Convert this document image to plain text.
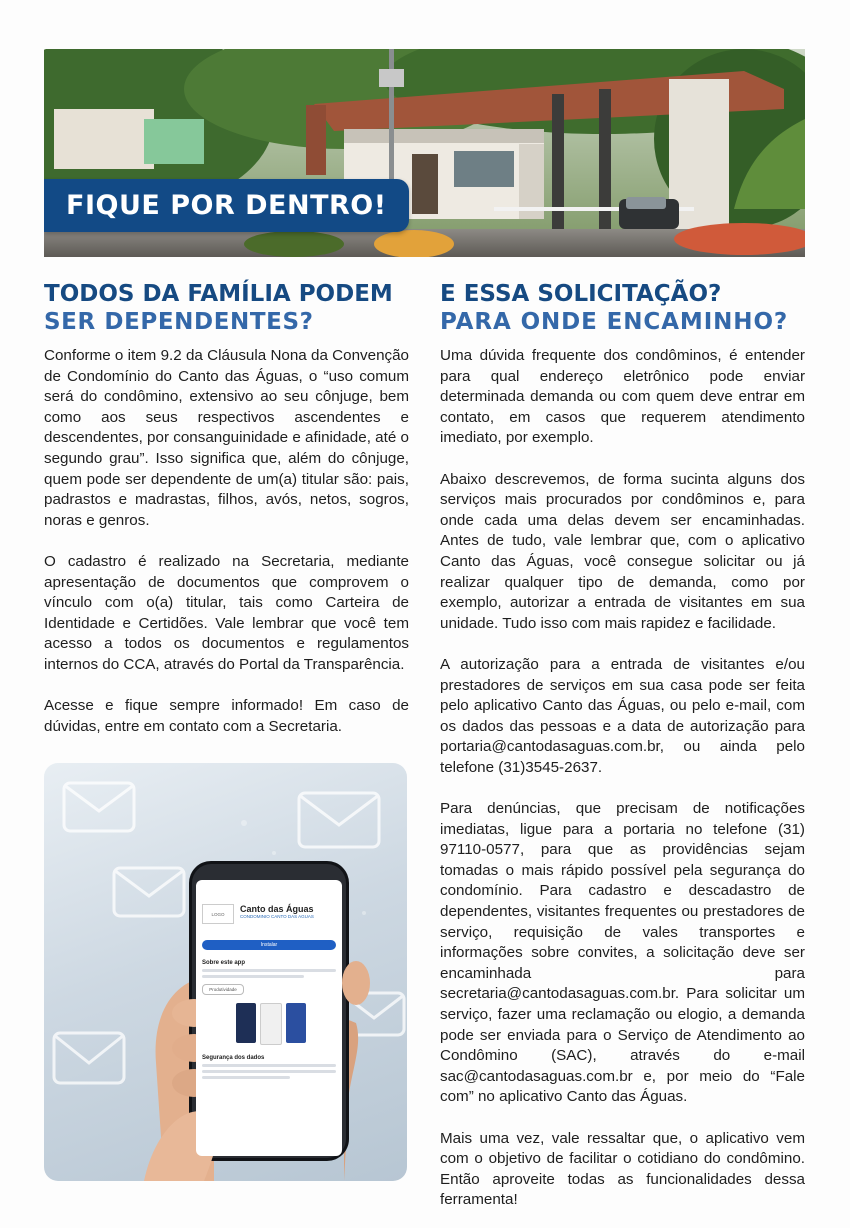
FIQUE POR DENTRO!
TODOS DA FAMÍLIA PODEM
SER DEPENDENTES?

Conforme o item 9.2 da Cláusula Nona da Convenção de Condomínio do Canto das Águas, o “uso comum será do condômino, extensivo ao seu cônjuge, bem como aos seus respectivos ascendentes e descendentes, por consanguinidade e afinidade, até o segundo grau”. Isso significa que, além do cônjuge, quem pode ser dependente de um(a) titular são: pais, padrastos e madrastas, filhos, avós, netos, sogros, noras e genros.

O cadastro é realizado na Secretaria, mediante apresentação de documentos que comprovem o vínculo com o(a) titular, tais como Carteira de Identidade e Certidões. Vale lembrar que você tem acesso a todos os documentos e regulamentos internos do CCA, através do Portal da Transparência.

Acesse e fique sempre informado! Em caso de dúvidas, entre em contato com a Secretaria.

LOGO	Canto das Águas
CONDOMINIO CANTO DAS AGUAS
Instalar
Sobre este app
Produtividade
Segurança dos dados
E ESSA SOLICITAÇÃO?
PARA ONDE ENCAMINHO?

Uma dúvida frequente dos condôminos, é entender para qual endereço eletrônico pode enviar determinada demanda ou com quem deve entrar em contato, em casos que requerem atendimento imediato, por exemplo.

Abaixo descrevemos, de forma sucinta alguns dos serviços mais procurados por condôminos e, para onde cada uma delas devem ser encaminhadas. Antes de tudo, vale lembrar que, com o aplicativo Canto das Águas, você consegue solicitar ou já realizar qualquer tipo de demanda, como por exemplo, autorizar a entrada de visitantes em sua unidade. Tudo isso com mais rapidez e facilidade.

A autorização para a entrada de visitantes e/ou prestadores de serviços em sua casa pode ser feita pelo aplicativo Canto das Águas, ou pelo e-mail, com os dados das pessoas e a data de autorização para portaria@cantodasaguas.com.br, ou ainda pelo telefone (31)3545-2637.

Para denúncias, que precisam de notificações imediatas, ligue para a portaria no telefone (31) 97110-0577, para que as providências sejam tomadas o mais rápido possível pela segurança do condomínio. Para cadastro e descadastro de dependentes, visitantes frequentes ou prestadores de serviço, requisição de vales transportes e informações sobre convites, a solicitação deve ser encaminhada para secretaria@cantodasaguas.com.br. Para solicitar um serviço, fazer uma reclamação ou elogio, a demanda pode ser enviada para o Serviço de Atendimento ao Condômino (SAC), através do e-mail sac@cantodasaguas.com.br e, por meio do “Fale com” no aplicativo Canto das Águas.

Mais uma vez, vale ressaltar que, o aplicativo vem com o objetivo de facilitar o cotidiano do condômino. Então aproveite todas as funcionalidades dessa ferramenta!
